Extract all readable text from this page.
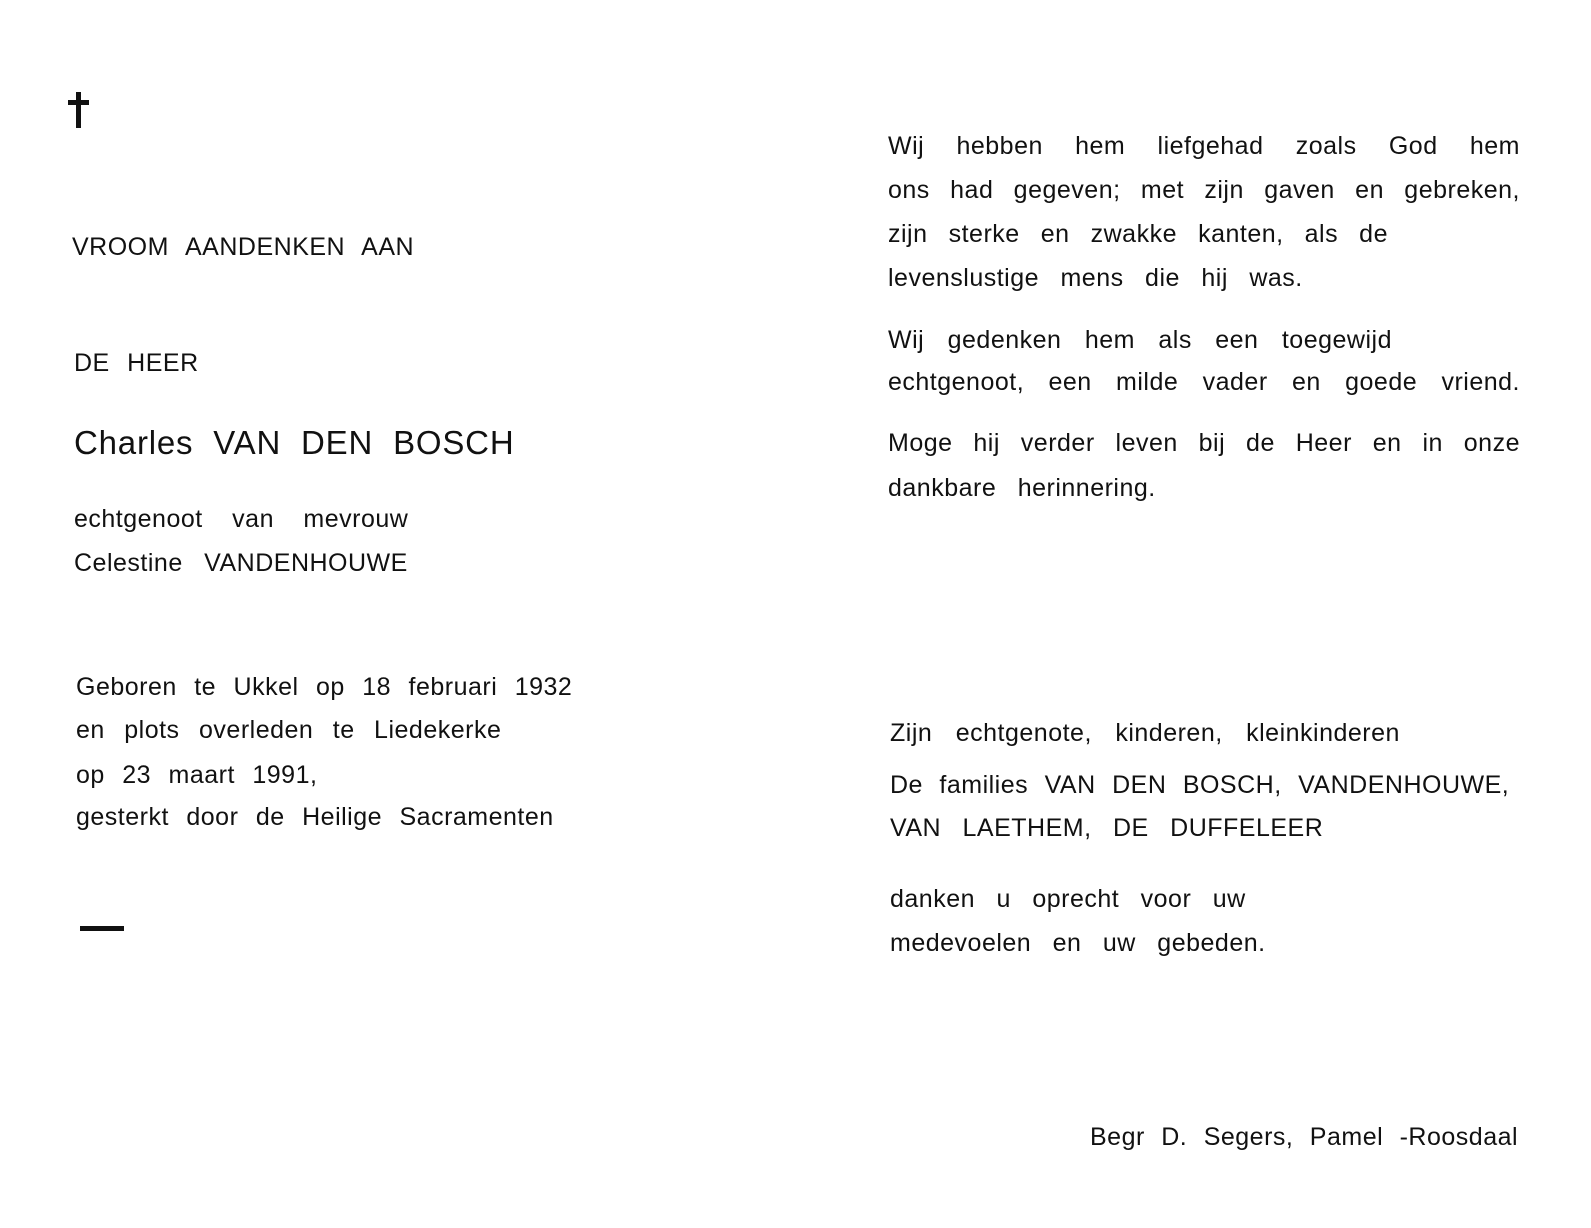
VROOM AANDENKEN AAN
DE HEER
Charles VAN DEN BOSCH
echtgenoot van mevrouw
Celestine VANDENHOUWE
Geboren te Ukkel op 18 februari 1932
en plots overleden te Liedekerke
op 23 maart 1991,
gesterkt door de Heilige Sacramenten
Wij hebben hem liefgehad zoals God hem
ons had gegeven; met zijn gaven en gebreken,
zijn sterke en zwakke kanten, als de
levenslustige mens die hij was.
Wij gedenken hem als een toegewijd
echtgenoot, een milde vader en goede vriend.
Moge hij verder leven bij de Heer en in onze
dankbare herinnering.
Zijn echtgenote, kinderen, kleinkinderen
De families VAN DEN BOSCH, VANDENHOUWE,
VAN LAETHEM, DE DUFFELEER
danken u oprecht voor uw
medevoelen en uw gebeden.
Begr D. Segers, Pamel -Roosdaal
